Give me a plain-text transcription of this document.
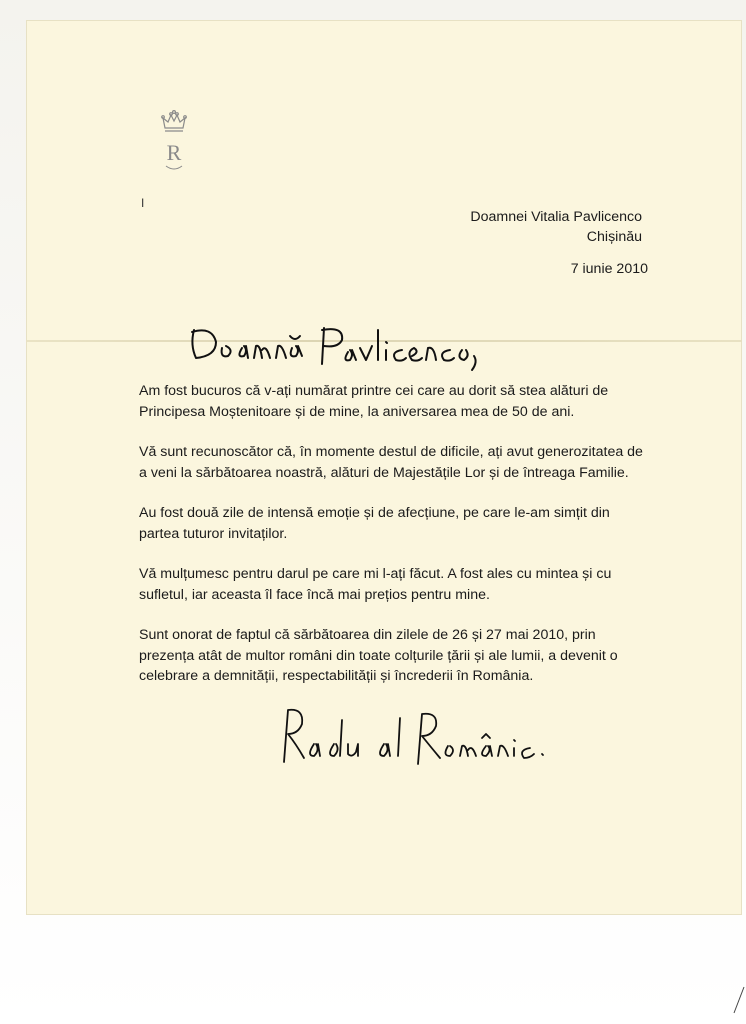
R
I
Doamnei Vitalia Pavlicenco
Chișinău
7 iunie 2010

Am fost bucuros că v-ați numărat printre cei care au dorit să stea alături de Principesa Moștenitoare și de mine, la aniversarea mea de 50 de ani.

Vă sunt recunoscător că, în momente destul de dificile, ați avut generozitatea de a veni la sărbătoarea noastră, alături de Majestățile Lor și de întreaga Familie.

Au fost două zile de intensă emoție și de afecțiune, pe care le-am simțit din partea tuturor invitaților.

Vă mulțumesc pentru darul pe care mi l-ați făcut. A fost ales cu mintea și cu sufletul, iar aceasta îl face încă mai prețios pentru mine.

Sunt onorat de faptul că sărbătoarea din zilele de 26 și 27 mai 2010, prin prezența atât de multor români din toate colțurile țării și ale lumii, a devenit o celebrare a demnității, respectabilității și încrederii în România.
